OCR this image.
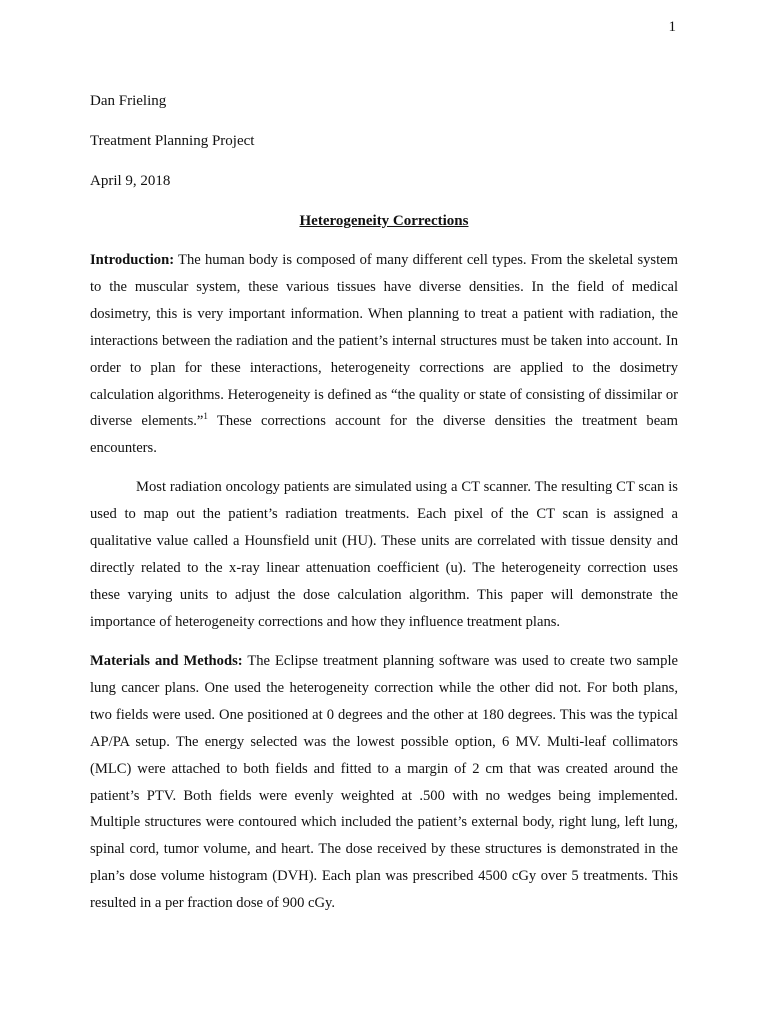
1
Dan Frieling
Treatment Planning Project
April 9, 2018
Heterogeneity Corrections

Introduction: The human body is composed of many different cell types. From the skeletal system to the muscular system, these various tissues have diverse densities. In the field of medical dosimetry, this is very important information. When planning to treat a patient with radiation, the interactions between the radiation and the patient’s internal structures must be taken into account. In order to plan for these interactions, heterogeneity corrections are applied to the dosimetry calculation algorithms. Heterogeneity is defined as “the quality or state of consisting of dissimilar or diverse elements.”$^1$ These corrections account for the diverse densities the treatment beam encounters.

Most radiation oncology patients are simulated using a CT scanner. The resulting CT scan is used to map out the patient’s radiation treatments. Each pixel of the CT scan is assigned a qualitative value called a Hounsfield unit (HU). These units are correlated with tissue density and directly related to the x-ray linear attenuation coefficient (u). The heterogeneity correction uses these varying units to adjust the dose calculation algorithm. This paper will demonstrate the importance of heterogeneity corrections and how they influence treatment plans.

Materials and Methods: The Eclipse treatment planning software was used to create two sample lung cancer plans. One used the heterogeneity correction while the other did not. For both plans, two fields were used. One positioned at 0 degrees and the other at 180 degrees. This was the typical AP/PA setup. The energy selected was the lowest possible option, 6 MV. Multi-leaf collimators (MLC) were attached to both fields and fitted to a margin of 2 cm that was created around the patient’s PTV. Both fields were evenly weighted at .500 with no wedges being implemented. Multiple structures were contoured which included the patient’s external body, right lung, left lung, spinal cord, tumor volume, and heart. The dose received by these structures is demonstrated in the plan’s dose volume histogram (DVH). Each plan was prescribed 4500 cGy over 5 treatments. This resulted in a per fraction dose of 900 cGy.
